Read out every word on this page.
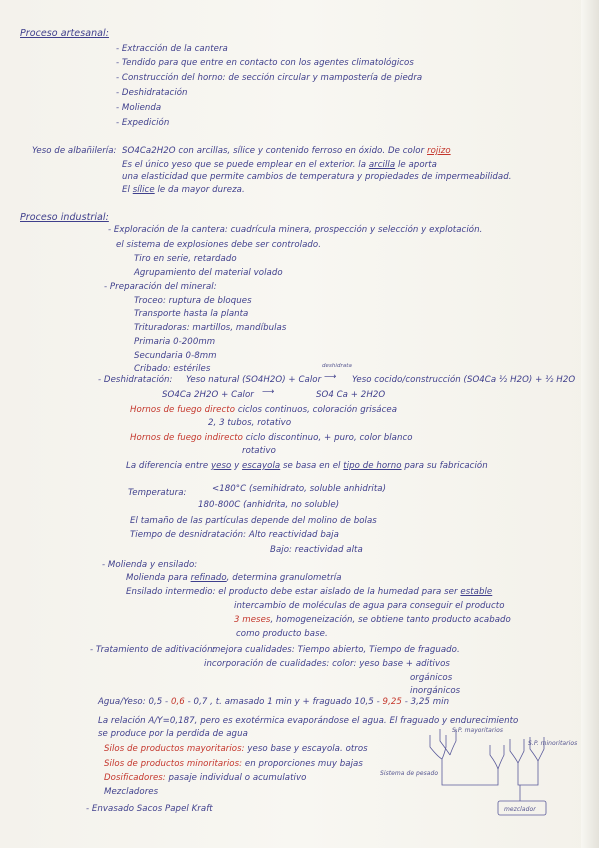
Proceso artesanal:
- Extracción de la cantera
- Tendido para que entre en contacto con los agentes climatológicos
- Construcción del horno: de sección circular y mampostería de piedra
- Deshidratación
- Molienda
- Expedición
Yeso de albañilería: SO4Ca2H2O con arcillas, sílice y contenido ferroso en óxido. De color rojizo
Es el único yeso que se puede emplear en el exterior. la arcilla le aporta
una elasticidad que permite cambios de temperatura y propiedades de impermeabilidad.
El sílice le da mayor dureza.
Proceso industrial:
- Exploración de la cantera: cuadrícula minera, prospección y selección y explotación.
el sistema de explosiones debe ser controlado.
Tiro en serie, retardado
Agrupamiento del material volado
- Preparación del mineral:
Troceo: ruptura de bloques
Transporte hasta la planta
Trituradoras: martillos, mandíbulas
Primaria 0-200mm
Secundaria 0-8mm
Cribado: estériles	deshidrata
- Deshidratación: Yeso natural (SO4H2O) + Calor ⟶ Yeso cocido/construcción (SO4Ca ½ H2O) + ½ H2O
SO4Ca 2H2O + Calor ⟶	SO4 Ca + 2H2O
Hornos de fuego directo ciclos continuos, coloración grisácea
2, 3 tubos, rotativo
Hornos de fuego indirecto ciclo discontinuo, + puro, color blanco
rotativo
La diferencia entre yeso y escayola se basa en el tipo de horno para su fabricación
Temperatura:	<180°C (semihidrato, soluble anhidrita)
180-800C (anhidrita, no soluble)
El tamaño de las partículas depende del molino de bolas
Tiempo de desnidratación: Alto reactividad baja
Bajo: reactividad alta
- Molienda y ensilado:
Molienda para refinado, determina granulometría
Ensilado intermedio: el producto debe estar aislado de la humedad para ser estable
intercambio de moléculas de agua para conseguir el producto
3 meses, homogeneización, se obtiene tanto producto acabado
como producto base.
- Tratamiento de aditivación:
mejora cualidades: Tiempo abierto, Tiempo de fraguado.
incorporación de cualidades: color: yeso base + aditivos
orgánicos
inorgánicos
Agua/Yeso: 0,5 - 0,6 - 0,7 , t. amasado 1 min y + fraguado 10,5 - 9,25 - 3,25 min
La relación A/Y=0,187, pero es exotérmica evaporándose el agua. El fraguado y endurecimiento
se produce por la perdida de agua
Silos de productos mayoritarios: yeso base y escayola. otros
Silos de productos minoritarios: en proporciones muy bajas
Dosificadores: pasaje individual o acumulativo
Mezcladores
- Envasado Sacos Papel Kraft
S.P. mayoritarios
S.P. minoritarios
Sistema de pesado
mezclador
